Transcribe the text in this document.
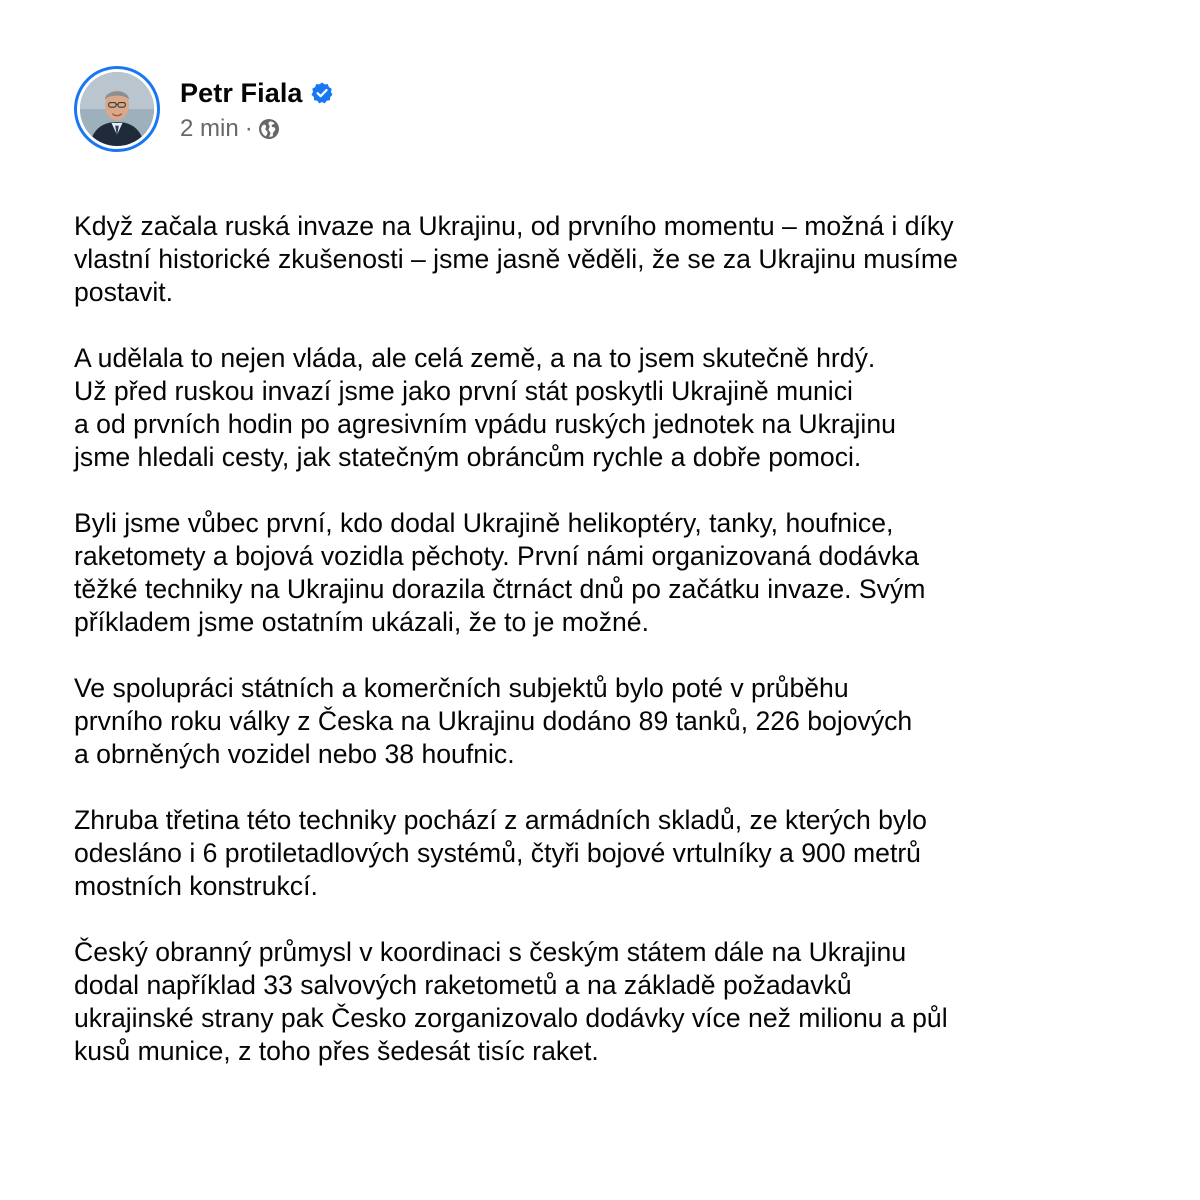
Petr Fiala
2 min ·

Když začala ruská invaze na Ukrajinu, od prvního momentu – možná i díky
vlastní historické zkušenosti – jsme jasně věděli, že se za Ukrajinu musíme
postavit.

A udělala to nejen vláda, ale celá země, a na to jsem skutečně hrdý.
Už před ruskou invazí jsme jako první stát poskytli Ukrajině munici
a od prvních hodin po agresivním vpádu ruských jednotek na Ukrajinu
jsme hledali cesty, jak statečným obráncům rychle a dobře pomoci.

Byli jsme vůbec první, kdo dodal Ukrajině helikoptéry, tanky, houfnice,
raketomety a bojová vozidla pěchoty. První námi organizovaná dodávka
těžké techniky na Ukrajinu dorazila čtrnáct dnů po začátku invaze. Svým
příkladem jsme ostatním ukázali, že to je možné.

Ve spolupráci státních a komerčních subjektů bylo poté v průběhu
prvního roku války z Česka na Ukrajinu dodáno 89 tanků, 226 bojových
a obrněných vozidel nebo 38 houfnic.

Zhruba třetina této techniky pochází z armádních skladů, ze kterých bylo
odesláno i 6 protiletadlových systémů, čtyři bojové vrtulníky a 900 metrů
mostních konstrukcí.

Český obranný průmysl v koordinaci s českým státem dále na Ukrajinu
dodal například 33 salvových raketometů a na základě požadavků
ukrajinské strany pak Česko zorganizovalo dodávky více než milionu a půl
kusů munice, z toho přes šedesát tisíc raket.
